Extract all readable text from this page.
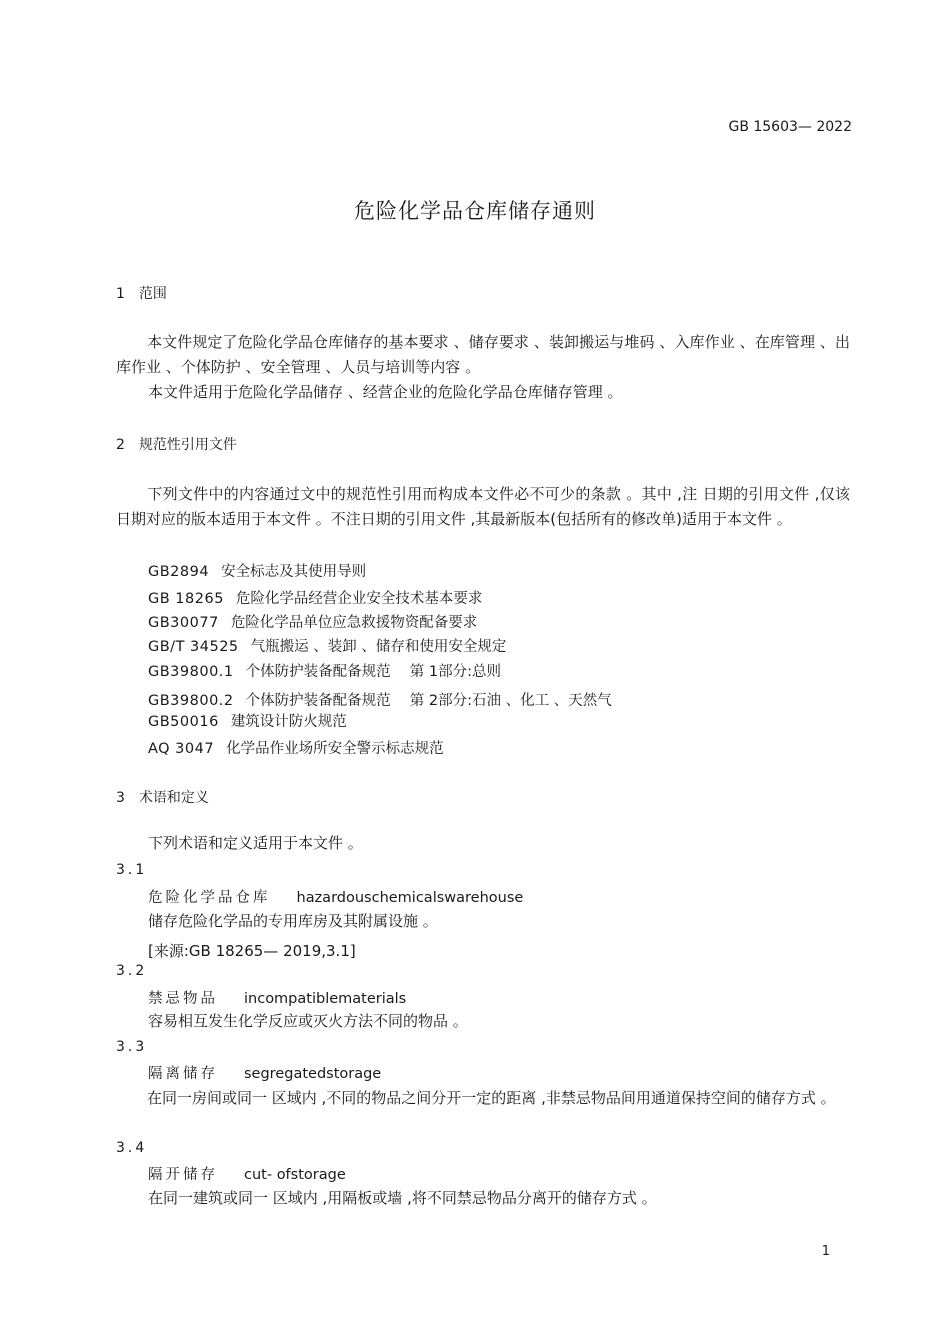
GB 15603— 2022
危险化学品仓库储存通则
1　范围
本文件规定了危险化学品仓库储存的基本要求 、储存要求 、装卸搬运与堆码 、入库作业 、在库管理 、出库作业 、个体防护 、安全管理 、人员与培训等内容 。
本文件适用于危险化学品储存 、经营企业的危险化学品仓库储存管理 。
2　规范性引用文件
下列文件中的内容通过文中的规范性引用而构成本文件必不可少的条款 。其中 ,注 日期的引用文件 ,仅该日期对应的版本适用于本文件 。不注日期的引用文件 ,其最新版本(包括所有的修改单)适用于本文件 。
GB2894 安全标志及其使用导则
GB 18265 危险化学品经营企业安全技术基本要求
GB30077 危险化学品单位应急救援物资配备要求
GB/T 34525 气瓶搬运 、装卸 、储存和使用安全规定
GB39800.1 个体防护装备配备规范　 第 1部分:总则
GB39800.2 个体防护装备配备规范　 第 2部分:石油 、化工 、天然气
GB50016 建筑设计防火规范
AQ 3047 化学品作业场所安全警示标志规范
3　术语和定义
下列术语和定义适用于本文件 。
3.1
危险化学品仓库 hazardouschemicalswarehouse
储存危险化学品的专用库房及其附属设施 。
[来源:GB 18265— 2019,3.1]
3.2
禁忌物品 incompatiblematerials
容易相互发生化学反应或灭火方法不同的物品 。
3.3
隔离储存 segregatedstorage
在同一房间或同一 区域内 ,不同的物品之间分开一定的距离 ,非禁忌物品间用通道保持空间的储存方式 。
3.4
隔开储存 cut- ofstorage
在同一建筑或同一 区域内 ,用隔板或墙 ,将不同禁忌物品分离开的储存方式 。
1
